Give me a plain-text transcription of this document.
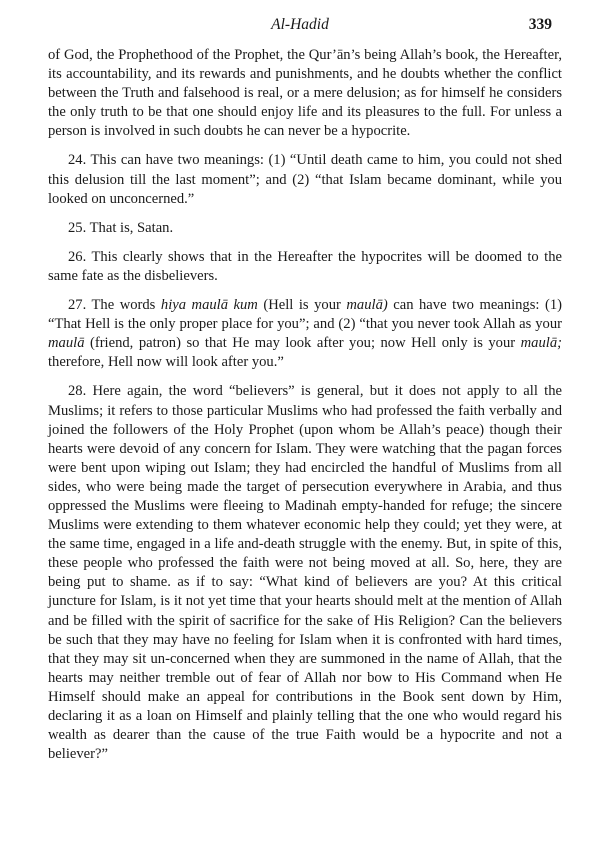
Al-Hadid	339

of God, the Prophethood of the Prophet, the Qur’ān’s being Allah’s book, the Hereafter, its accountability, and its rewards and punishments, and he doubts whether the conflict between the Truth and falsehood is real, or a mere delusion; as for himself he considers the only truth to be that one should enjoy life and its pleasures to the full. For unless a person is involved in such doubts he can never be a hypocrite.

24. This can have two meanings: (1) “Until death came to him, you could not shed this delusion till the last moment”; and (2) “that Islam became dominant, while you looked on unconcerned.”

25. That is, Satan.

26. This clearly shows that in the Hereafter the hypocrites will be doomed to the same fate as the disbelievers.

27. The words hiya maulā kum (Hell is your maulā) can have two meanings: (1) “That Hell is the only proper place for you”; and (2) “that you never took Allah as your maulā (friend, patron) so that He may look after you; now Hell only is your maulā; therefore, Hell now will look after you.”

28. Here again, the word “believers” is general, but it does not apply to all the Muslims; it refers to those particular Muslims who had professed the faith verbally and joined the followers of the Holy Prophet (upon whom be Allah’s peace) though their hearts were devoid of any concern for Islam. They were watching that the pagan forces were bent upon wiping out Islam; they had encircled the handful of Muslims from all sides, who were being made the target of persecution everywhere in Arabia, and thus oppressed the Muslims were fleeing to Madinah empty-handed for refuge; the sincere Muslims were extending to them whatever economic help they could; yet they were, at the same time, engaged in a life and-death struggle with the enemy. But, in spite of this, these people who professed the faith were not being moved at all. So, here, they are being put to shame. as if to say: “What kind of believers are you? At this critical juncture for Islam, is it not yet time that your hearts should melt at the mention of Allah and be filled with the spirit of sacrifice for the sake of His Religion? Can the believers be such that they may have no feeling for Islam when it is confronted with hard times, that they may sit un-concerned when they are summoned in the name of Allah, that the hearts may neither tremble out of fear of Allah nor bow to His Command when He Himself should make an appeal for contributions in the Book sent down by Him, declaring it as a loan on Himself and plainly telling that the one who would regard his wealth as dearer than the cause of the true Faith would be a hypocrite and not a believer?”
